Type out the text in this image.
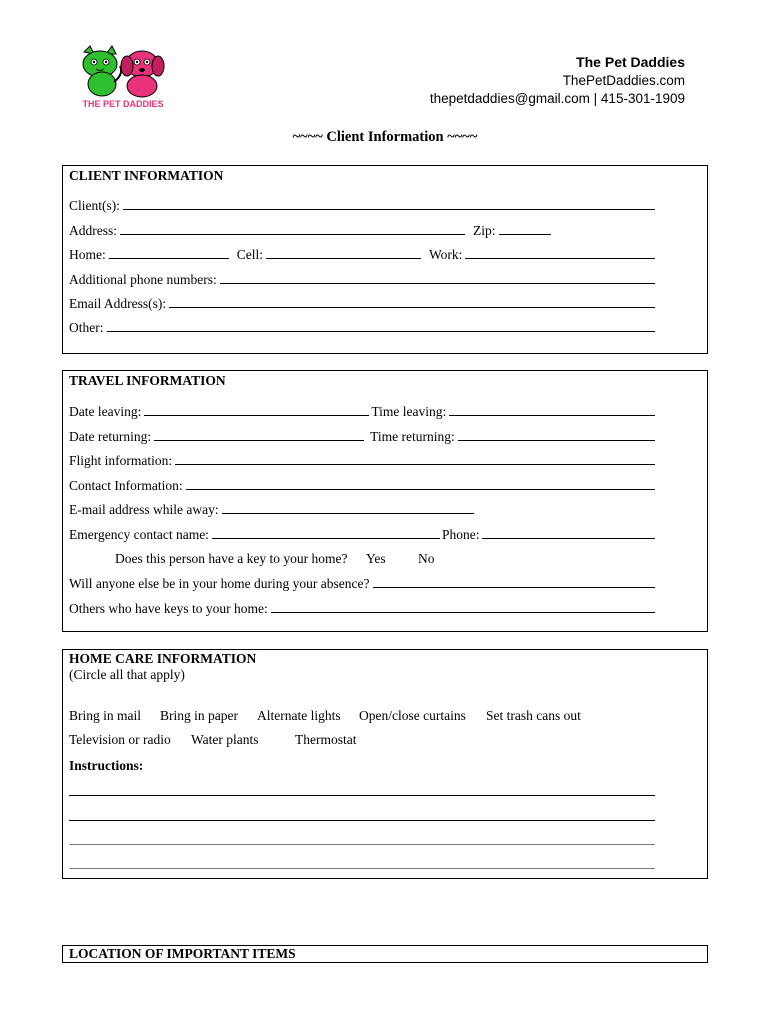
THE PET DADDIES
The Pet Daddies
ThePetDaddies.com
thepetdaddies@gmail.com | 415-301-1909
~~~~ Client Information ~~~~
CLIENT INFORMATION
Client(s):
Address:	Zip:
Home:	Cell:	Work:
Additional phone numbers:
Email Address(s):
Other:
TRAVEL INFORMATION
Date leaving:	Time leaving:
Date returning:	Time returning:
Flight information:
Contact Information:
E-mail address while away:
Emergency contact name:	Phone:
Does this person have a key to your home? Yes No
Will anyone else be in your home during your absence?
Others who have keys to your home:
HOME CARE INFORMATION
(Circle all that apply)
Bring in mail Bring in paper Alternate lights Open/close curtains Set trash cans out
Television or radio Water plants	Thermostat
Instructions:
LOCATION OF IMPORTANT ITEMS
